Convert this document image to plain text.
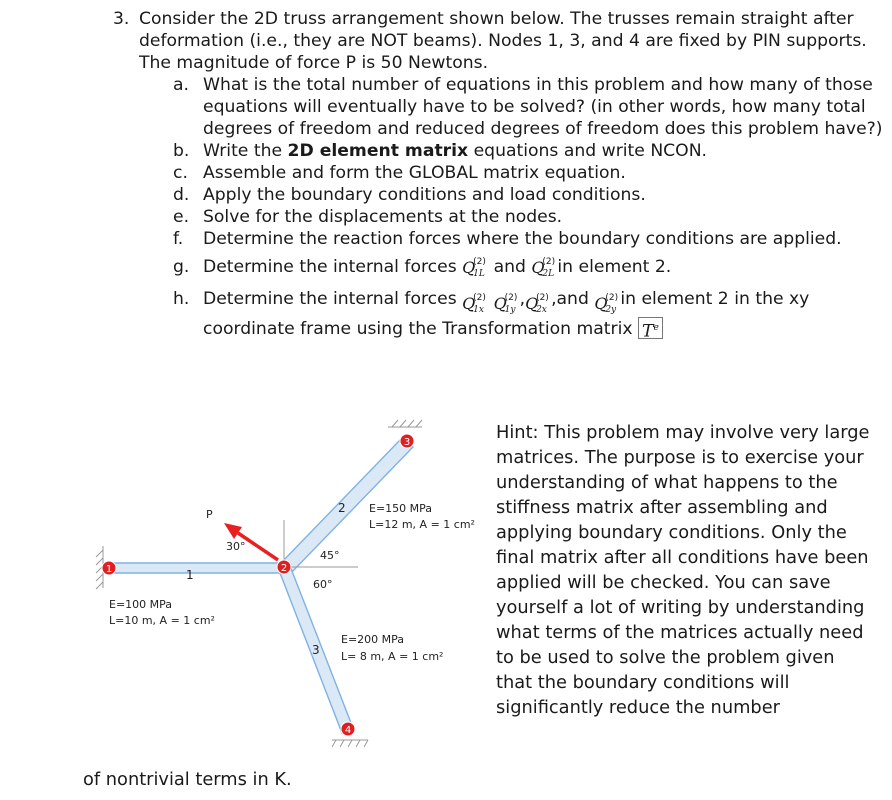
3. Consider the 2D truss arrangement shown below. The trusses remain straight after deformation (i.e., they are NOT beams). Nodes 1, 3, and 4 are fixed by PIN supports. The magnitude of force P is 50 Newtons.
a. What is the total number of equations in this problem and how many of those equations will eventually have to be solved? (in other words, how many total degrees of freedom and reduced degrees of freedom does this problem have?)
b. Write the 2D element matrix equations and write NCON.
c. Assemble and form the GLOBAL matrix equation.
d. Apply the boundary conditions and load conditions.
e. Solve for the displacements at the nodes.
f. Determine the reaction forces where the boundary conditions are applied.
g. Determine the internal forces Q
(2)
1L and Q
(2)
2L in element 2.
h. Determine the internal forces Q
(2)
1x
Q
(2)
1y
, Q
(2)
2x
,and Q
(2)
2y
in element 2 in the xy coordinate frame using the Transformation matrix $T^e$
1	2
3
4
1
2
3
P
30°
45°
60°
E=150 MPa
L=12 m, A = 1 cm²
E=100 MPa
L=10 m, A = 1 cm²
E=200 MPa
L= 8 m, A = 1 cm²
Hint: This problem may involve very large matrices. The purpose is to exercise your understanding of what happens to the stiffness matrix after assembling and applying boundary conditions. Only the final matrix after all conditions have been applied will be checked. You can save yourself a lot of writing by understanding what terms of the matrices actually need to be used to solve the problem given that the boundary conditions will significantly reduce the number
of nontrivial terms in K.
